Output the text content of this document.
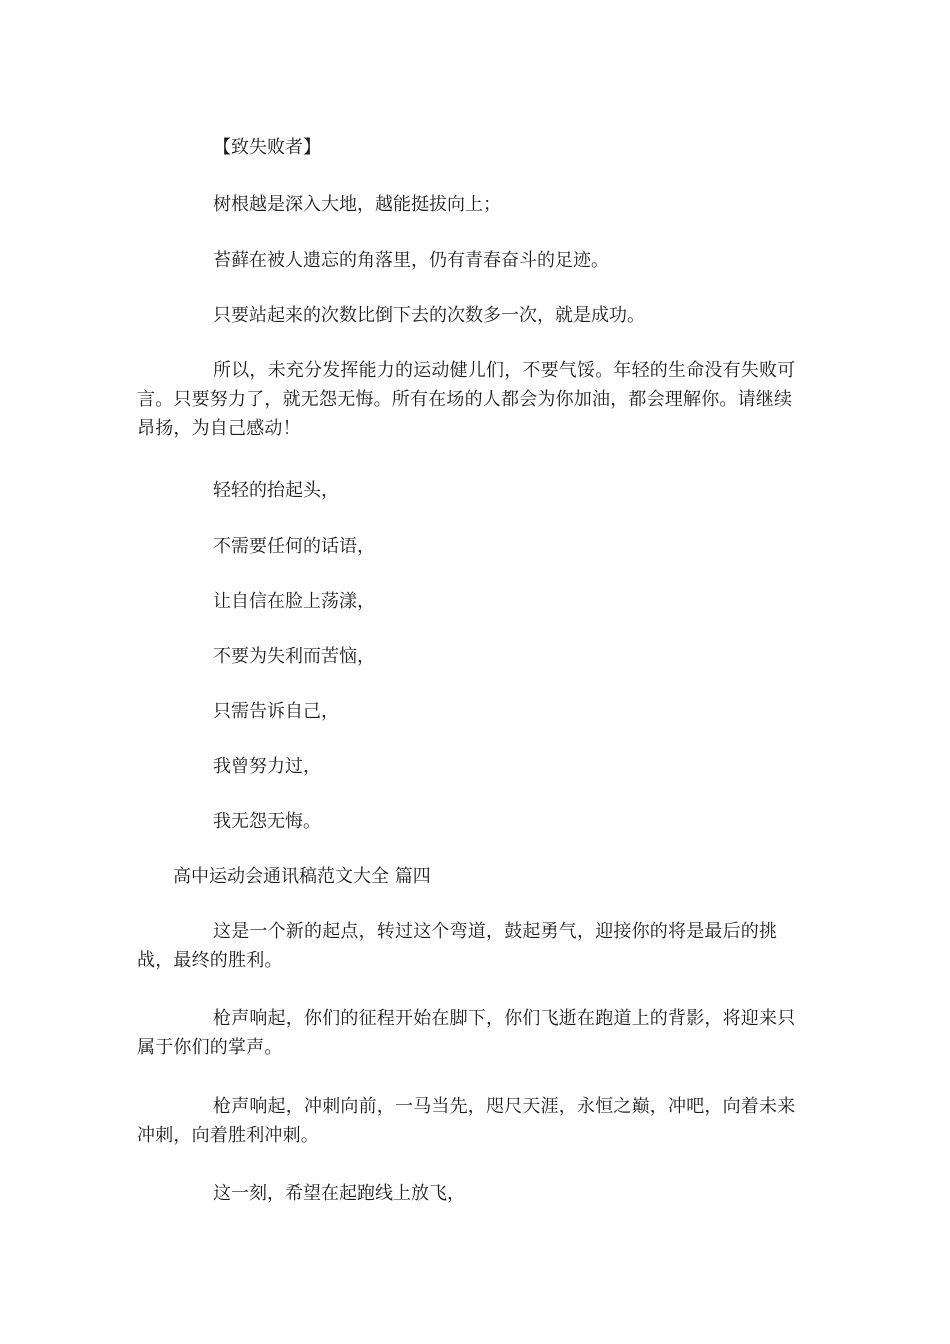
【致失败者】
树根越是深入大地，越能挺拔向上；
苔藓在被人遗忘的角落里，仍有青春奋斗的足迹。
只要站起来的次数比倒下去的次数多一次，就是成功。
所以，未充分发挥能力的运动健儿们，不要气馁。年轻的生命没有失败可言。只要努力了，就无怨无悔。所有在场的人都会为你加油，都会理解你。请继续昂扬，为自己感动！
轻轻的抬起头，
不需要任何的话语，
让自信在脸上荡漾，
不要为失利而苦恼，
只需告诉自己，
我曾努力过，
我无怨无悔。
高中运动会通讯稿范文大全 篇四
这是一个新的起点，转过这个弯道，鼓起勇气，迎接你的将是最后的挑战，最终的胜利。
枪声响起，你们的征程开始在脚下，你们飞逝在跑道上的背影，将迎来只属于你们的掌声。
枪声响起，冲刺向前，一马当先，咫尺天涯，永恒之巅，冲吧，向着未来冲刺，向着胜利冲刺。
这一刻，希望在起跑线上放飞，
